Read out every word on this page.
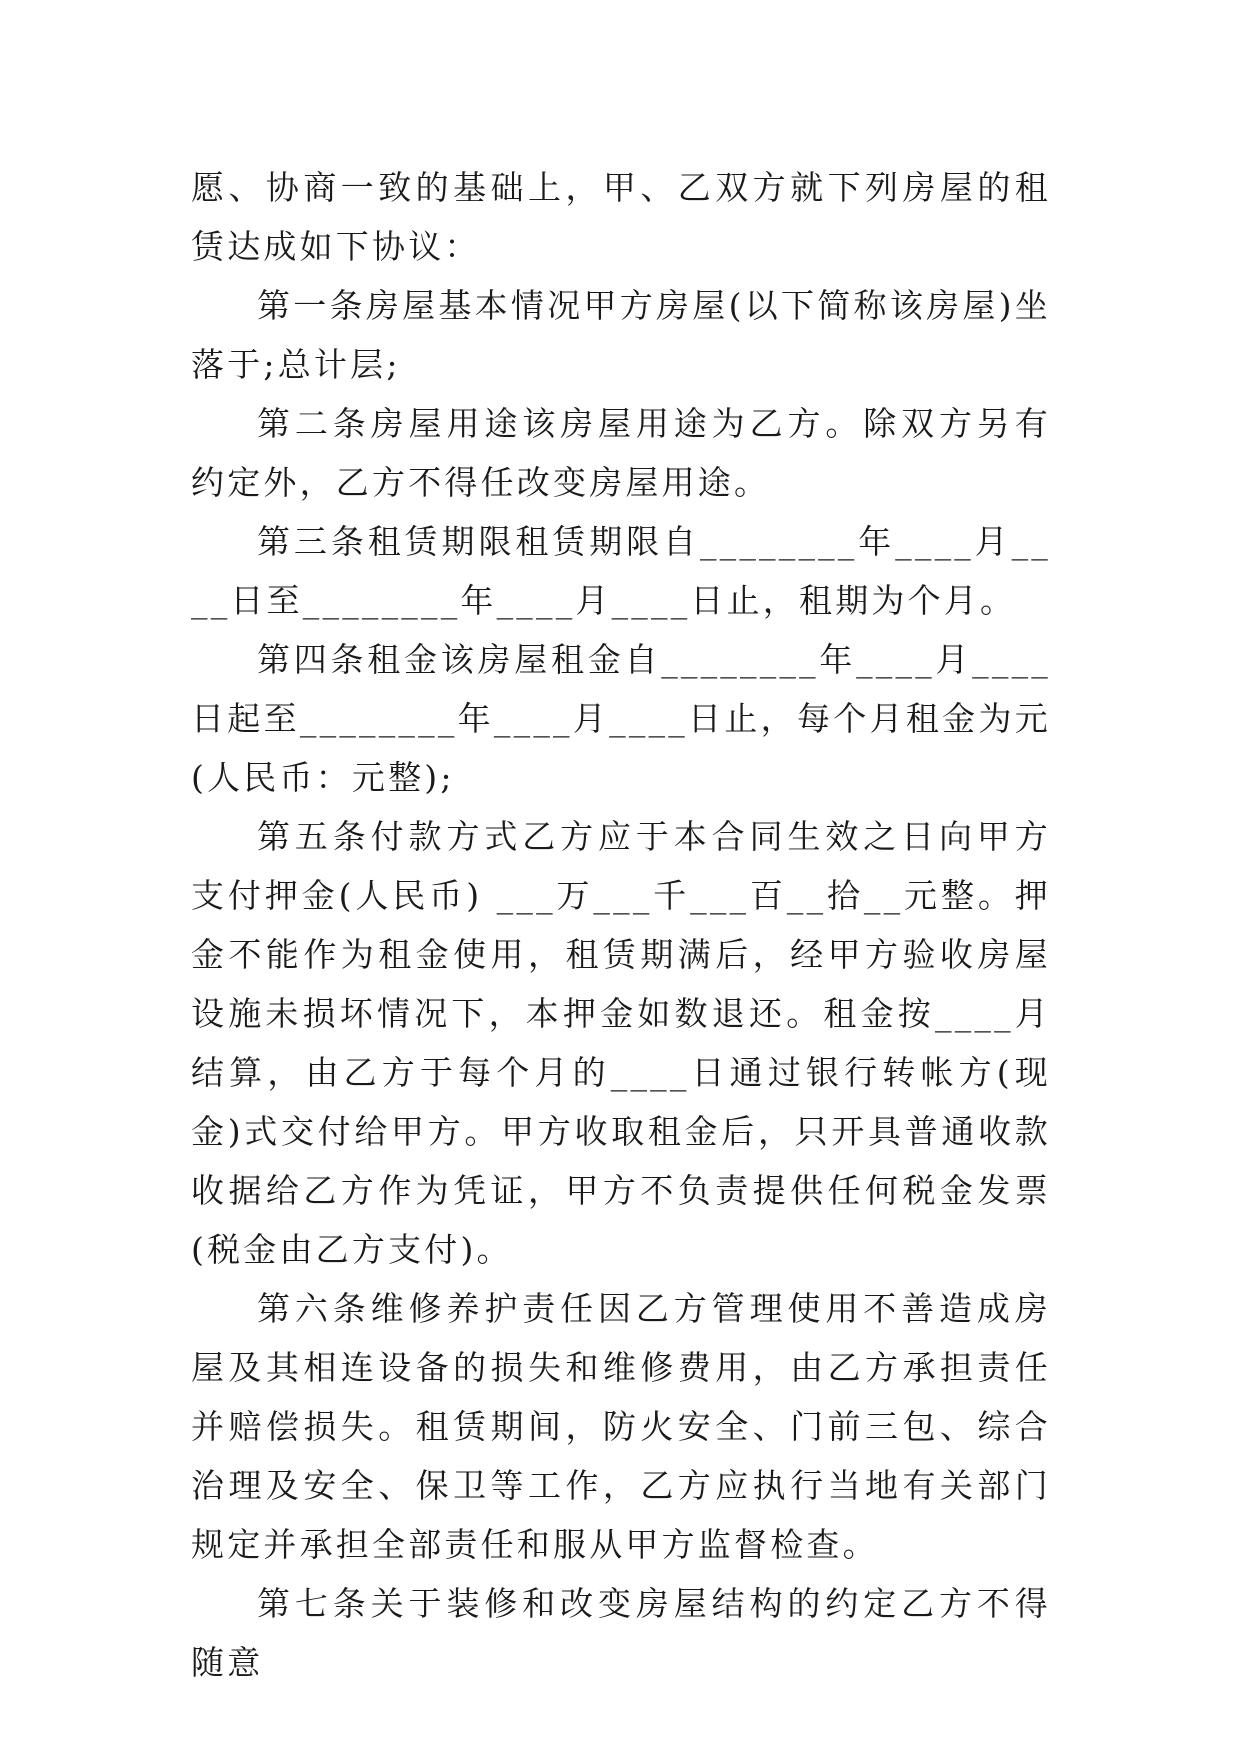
愿、协商一致的基础上，甲、乙双方就下列房屋的租赁达成如下协议：

第一条房屋基本情况甲方房屋(以下简称该房屋)坐落于;总计层;

第二条房屋用途该房屋用途为乙方。除双方另有约定外，乙方不得任改变房屋用途。

第三条租赁期限租赁期限自________年____月____日至________年____月____日止，租期为个月。

第四条租金该房屋租金自________年____月____日起至________年____月____日止，每个月租金为元(人民币：元整);

第五条付款方式乙方应于本合同生效之日向甲方支付押金(人民币) ___万___千___百__拾__元整。押金不能作为租金使用，租赁期满后，经甲方验收房屋设施未损坏情况下，本押金如数退还。租金按____月结算，由乙方于每个月的____日通过银行转帐方(现金)式交付给甲方。甲方收取租金后，只开具普通收款收据给乙方作为凭证，甲方不负责提供任何税金发票(税金由乙方支付)。

第六条维修养护责任因乙方管理使用不善造成房屋及其相连设备的损失和维修费用，由乙方承担责任并赔偿损失。租赁期间，防火安全、门前三包、综合治理及安全、保卫等工作，乙方应执行当地有关部门规定并承担全部责任和服从甲方监督检查。

第七条关于装修和改变房屋结构的约定乙方不得随意
